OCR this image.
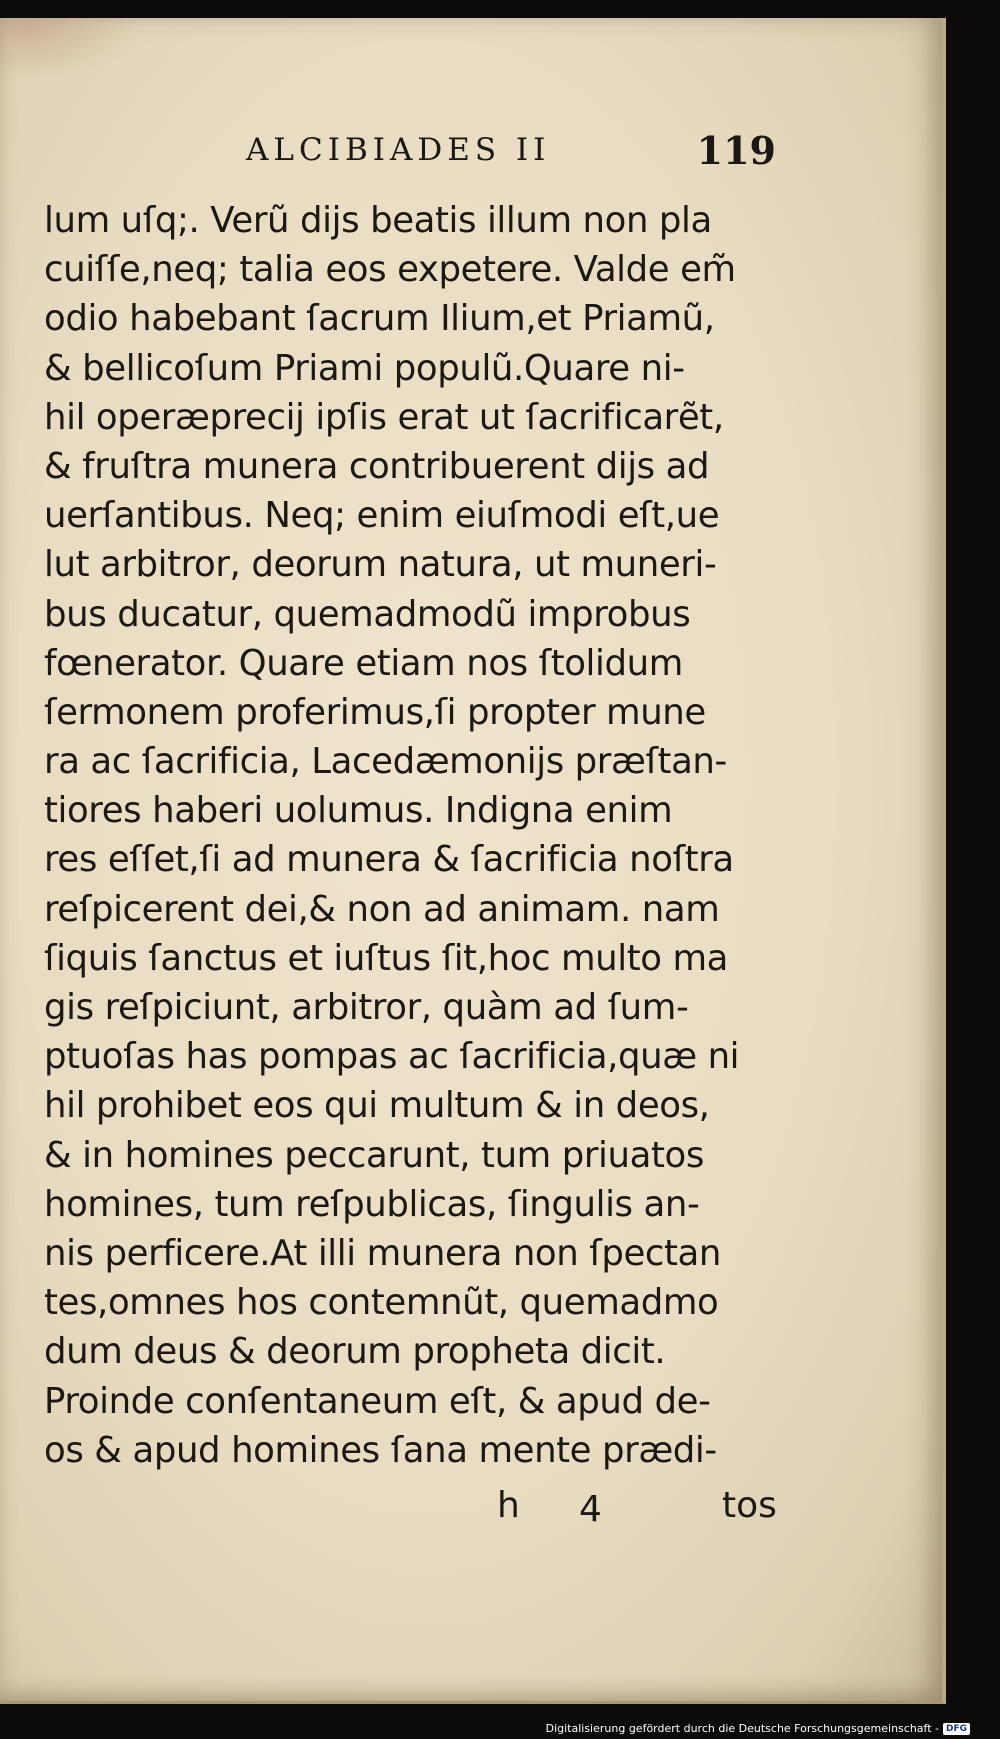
ALCIBIADES II	119
lum uſq;. Verũ dijs beatis illum non pla
cuiſſe,neq; talia eos expetere. Valde em̃
odio habebant ſacrum Ilium,et Priamũ,
& bellicoſum Priami populũ.Quare ni-
hil operæprecij ipſis erat ut ſacrificarẽt,
& fruſtra munera contribuerent dijs ad
uerſantibus. Neq; enim eiuſmodi eſt,ue
lut arbitror, deorum natura, ut muneri-
bus ducatur, quemadmodũ improbus
fœnerator. Quare etiam nos ſtolidum
ſermonem proferimus,ſi propter mune
ra ac ſacrificia, Lacedæmonijs præſtan-
tiores haberi uolumus. Indigna enim
res eſſet,ſi ad munera & ſacrificia noſtra
reſpicerent dei,& non ad animam. nam
ſiquis ſanctus et iuſtus ſit,hoc multo ma
gis reſpiciunt, arbitror, quàm ad ſum-
ptuoſas has pompas ac ſacrificia,quæ ni
hil prohibet eos qui multum & in deos,
& in homines peccarunt, tum priuatos
homines, tum reſpublicas, ſingulis an-
nis perficere.At illi munera non ſpectan
tes,omnes hos contemnũt, quemadmo
dum deus & deorum propheta dicit.
Proinde conſentaneum eſt, & apud de-
os & apud homines ſana mente prædi-
h 4	tos
Digitalisierung gefördert durch die Deutsche Forschungsgemeinschaft - DFG
